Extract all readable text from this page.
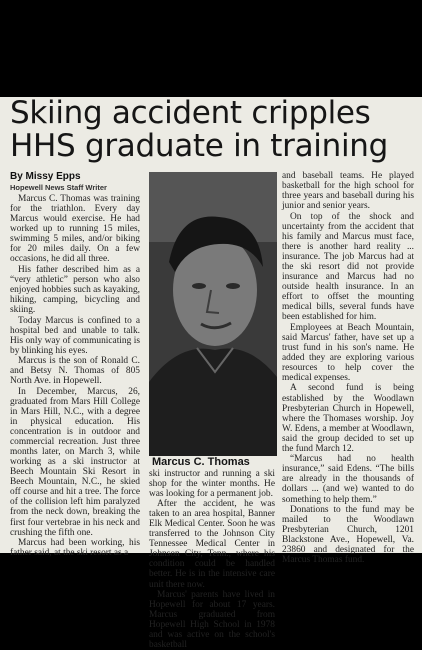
Skiing accident cripples
HHS graduate in training
By Missy Epps
Hopewell News Staff Writer

Marcus C. Thomas was training for the triathlon. Every day Marcus would exercise. He had worked up to running 15 miles, swimming 5 miles, and/or biking for 20 miles daily. On a few occasions, he did all three.

His father described him as a “very athletic” person who also enjoyed hobbies such as kayaking, hiking, camping, bicycling and skiing.

Today Marcus is confined to a hospital bed and unable to talk. His only way of communicating is by blinking his eyes.

Marcus is the son of Ronald C. and Betsy N. Thomas of 805 North Ave. in Hopewell.

In December, Marcus, 26, graduated from Mars Hill College in Mars Hill, N.C., with a degree in physical education. His concentration is in outdoor and commercial recreation. Just three months later, on March 3, while working as a ski instructor at Beech Mountain Ski Resort in Beech Mountain, N.C., he skied off course and hit a tree. The force of the collision left him paralyzed from the neck down, breaking the first four vertebrae in his neck and crushing the fifth one.

Marcus had been working, his father said, at the ski resort as a

Marcus C. Thomas

ski instructor and running a ski shop for the winter months. He was looking for a permanent job.

After the accident, he was taken to an area hospital, Banner Elk Medical Center. Soon he was transferred to the Johnson City Tennessee Medical Center in Johnson City, Tenn., where his condition could be handled better. He is in the intensive care unit there now.

Marcus' parents have lived in Hopewell for about 17 years. Marcus graduated from Hopewell High School in 1978 and was active on the school's basketball

and baseball teams. He played basketball for the high school for three years and baseball during his junior and senior years.

On top of the shock and uncertainty from the accident that his family and Marcus must face, there is another hard reality ... insurance. The job Marcus had at the ski resort did not provide insurance and Marcus had no outside health insurance. In an effort to offset the mounting medical bills, several funds have been established for him.

Employees at Beach Mountain, said Marcus' father, have set up a trust fund in his son's name. He added they are exploring various resources to help cover the medical expenses.

A second fund is being established by the Woodlawn Presbyterian Church in Hopewell, where the Thomases worship. Joy W. Edens, a member at Woodlawn, said the group decided to set up the fund March 12.

“Marcus had no health insurance,” said Edens. “The bills are already in the thousands of dollars ... (and we) wanted to do something to help them.”

Donations to the fund may be mailed to the Woodlawn Presbyterian Church, 1201 Blackstone Ave., Hopewell, Va. 23860 and designated for the Marcus Thomas fund.
